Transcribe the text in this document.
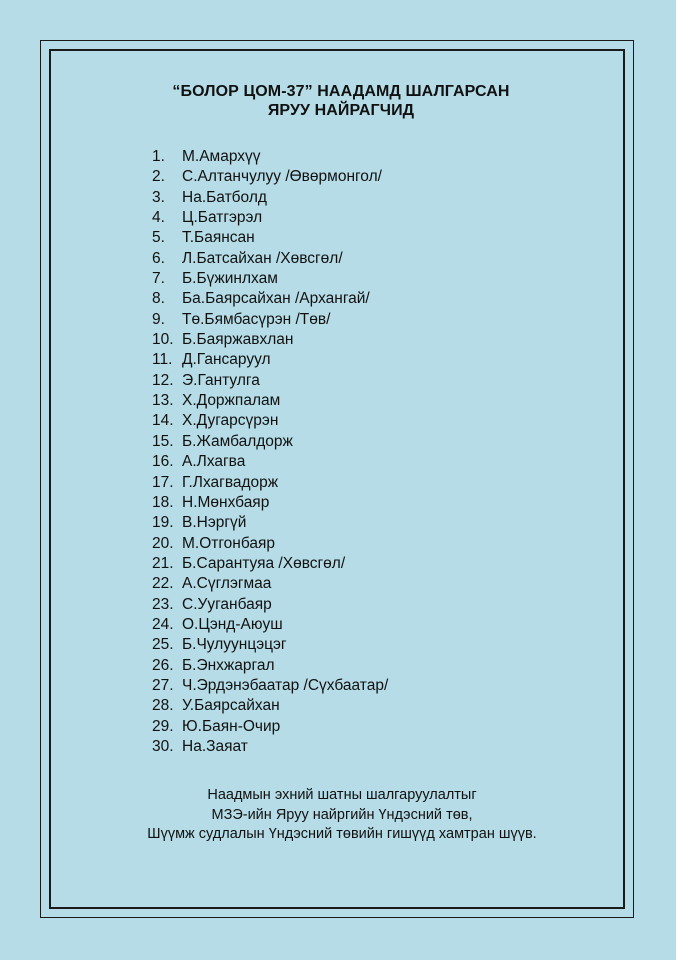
“БОЛОР ЦОМ-37” НААДАМД ШАЛГАРСАН
ЯРУУ НАЙРАГЧИД
1.	М.Амархүү
2.	С.Алтанчулуу /Өвөрмонгол/
3.	На.Батболд
4.	Ц.Батгэрэл
5.	Т.Баянсан
6.	Л.Батсайхан /Хөвсгөл/
7.	Б.Бүжинлхам
8.	Ба.Баярсайхан /Архангай/
9.	Тө.Бямбасүрэн /Төв/
10. Б.Баяржавхлан
11. Д.Гансаруул
12. Э.Гантулга
13. Х.Доржпалам
14. Х.Дугарсүрэн
15. Б.Жамбалдорж
16. А.Лхагва
17. Г.Лхагвадорж
18. Н.Мөнхбаяр
19. В.Нэргүй
20. М.Отгонбаяр
21. Б.Сарантуяа /Хөвсгөл/
22. А.Сүглэгмаа
23. С.Ууганбаяр
24. О.Цэнд-Аюуш
25. Б.Чулуунцэцэг
26. Б.Энхжаргал
27. Ч.Эрдэнэбаатар /Сүхбаатар/
28. У.Баярсайхан
29. Ю.Баян-Очир
30. На.Заяат
Наадмын эхний шатны шалгаруулалтыг
МЗЭ-ийн Яруу найргийн Үндэсний төв,
Шүүмж судлалын Үндэсний төвийн гишүүд хамтран шүүв.
